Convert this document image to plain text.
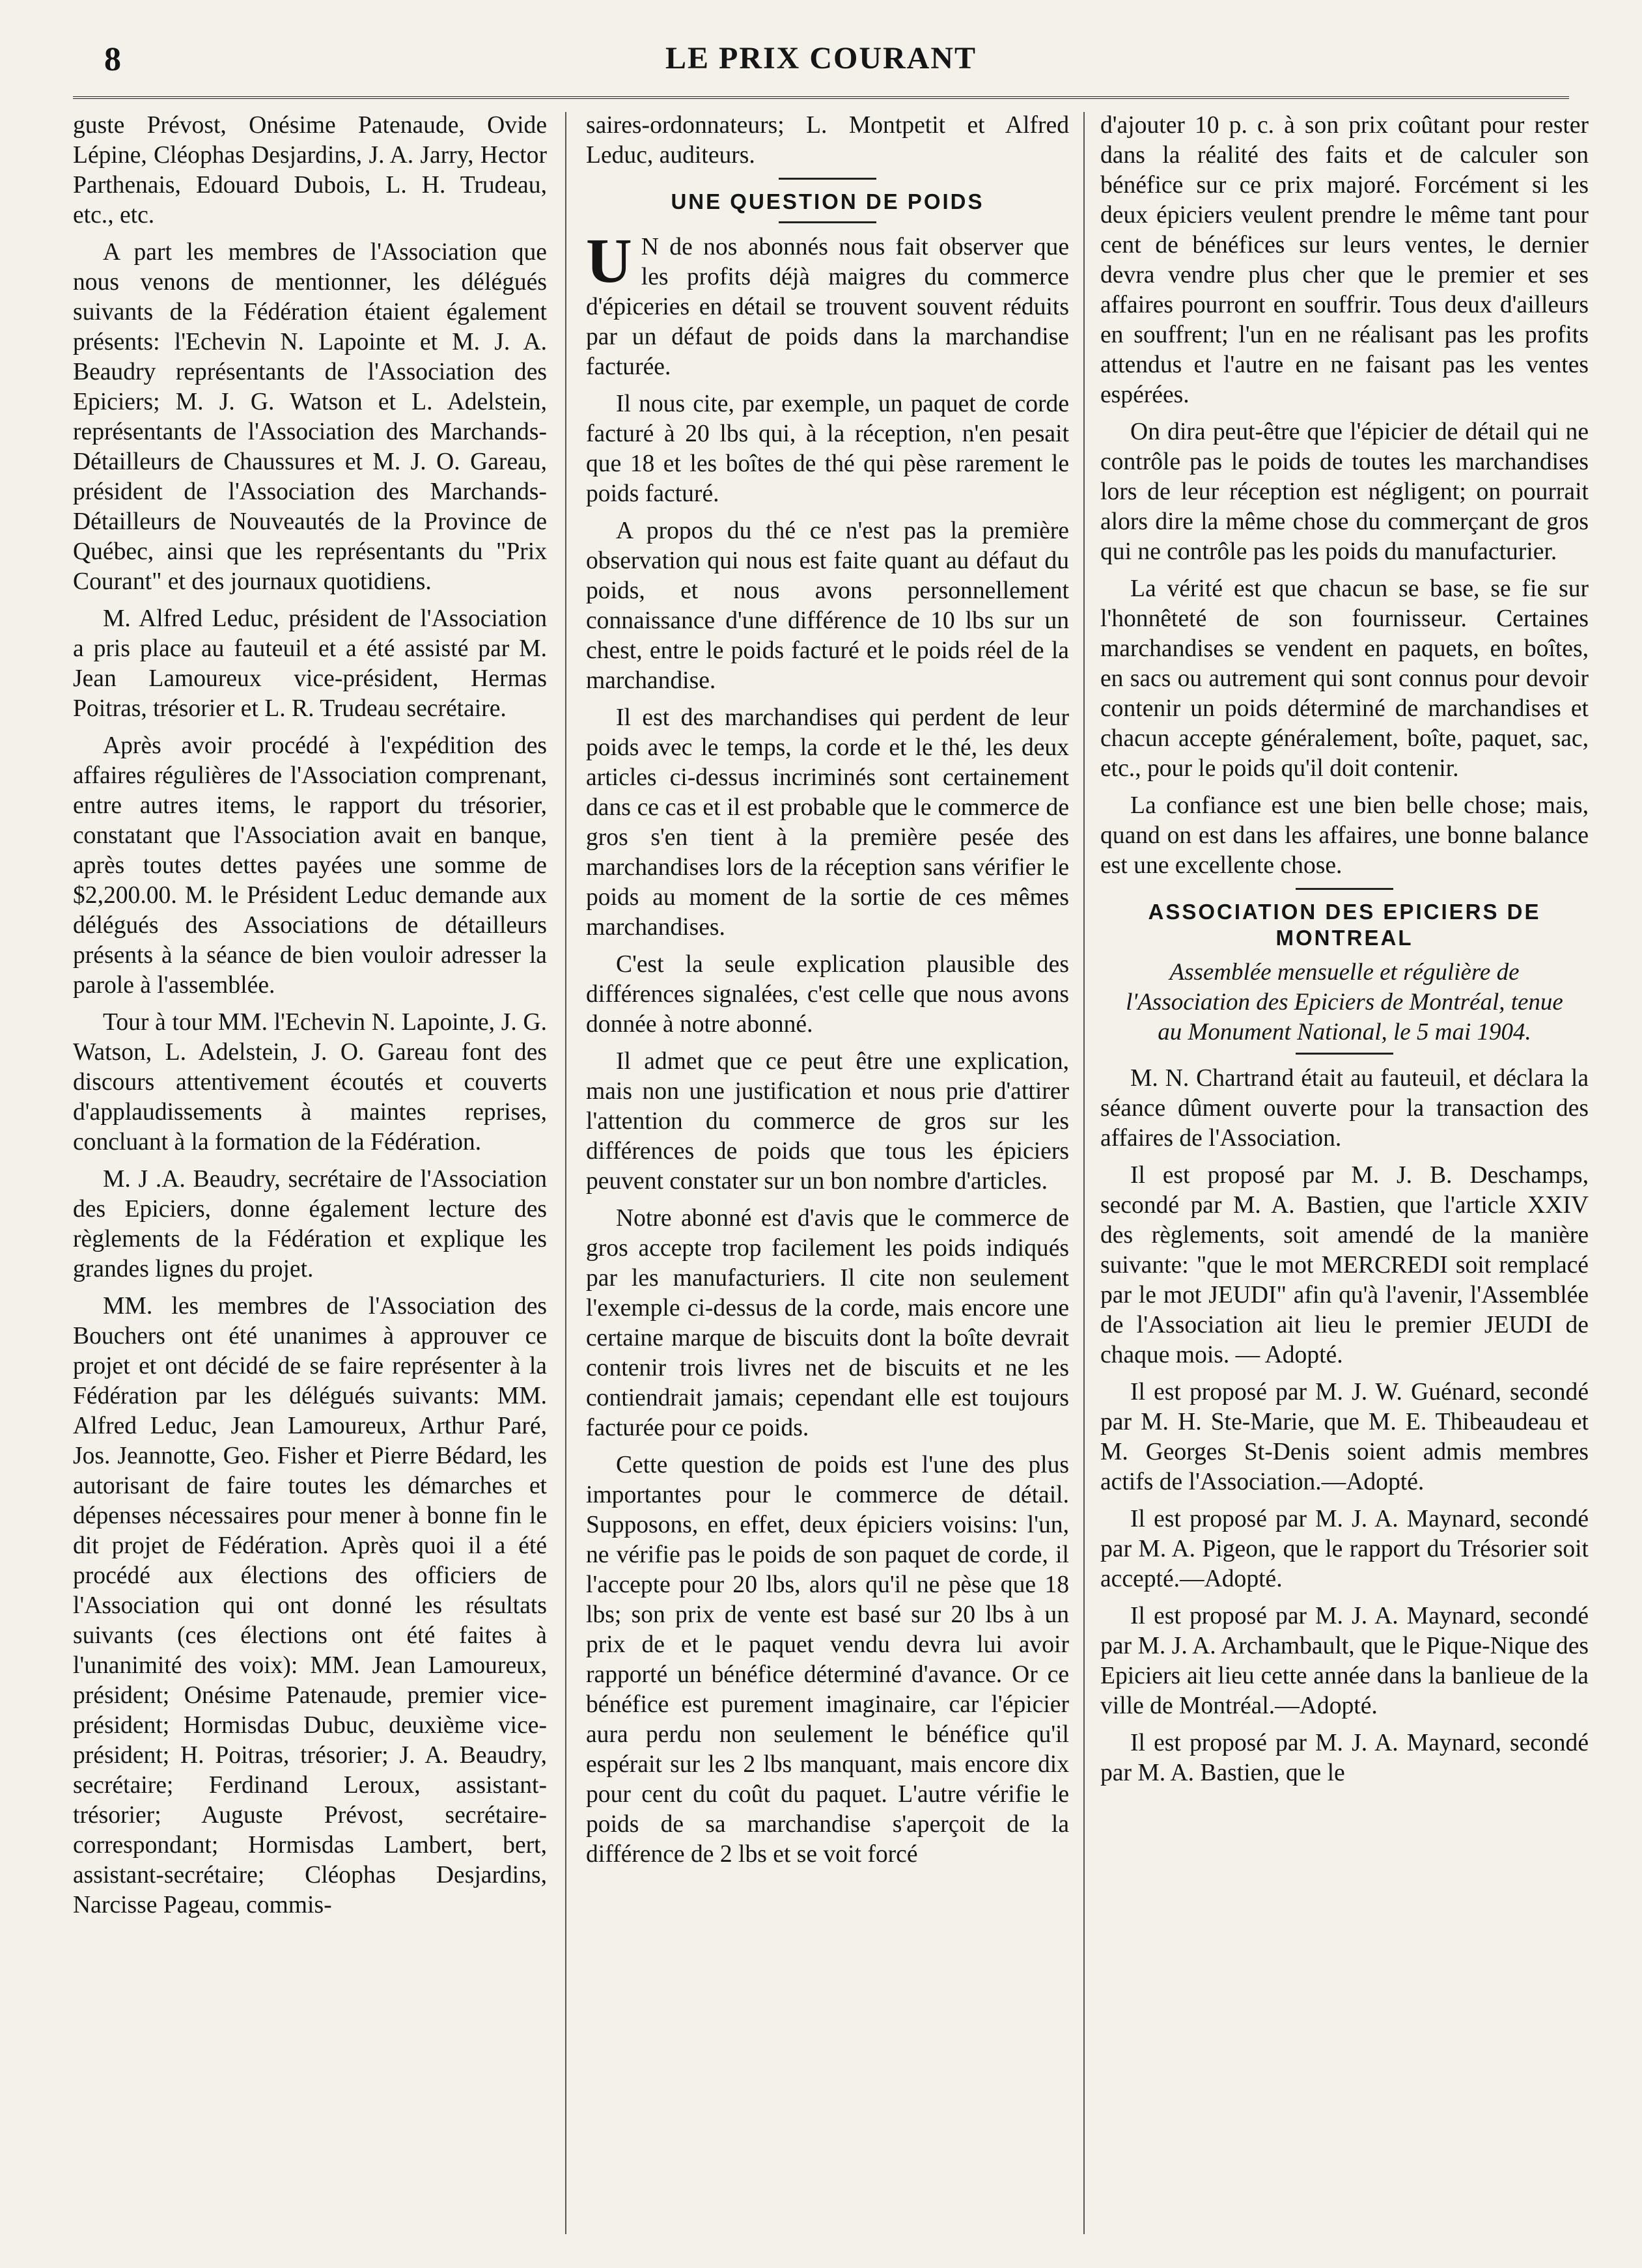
8	LE PRIX COURANT

guste Prévost, Onésime Patenaude, Ovide Lépine, Cléophas Desjardins, J. A. Jarry, Hector Parthenais, Edouard Dubois, L. H. Trudeau, etc., etc.

A part les membres de l'Association que nous venons de mentionner, les délégués suivants de la Fédération étaient également présents: l'Echevin N. Lapointe et M. J. A. Beaudry représentants de l'Association des Epiciers; M. J. G. Watson et L. Adelstein, représentants de l'Association des Marchands-Détailleurs de Chaussures et M. J. O. Gareau, président de l'Association des Marchands-Détailleurs de Nouveautés de la Province de Québec, ainsi que les représentants du "Prix Courant" et des journaux quotidiens.

M. Alfred Leduc, président de l'Association a pris place au fauteuil et a été assisté par M. Jean Lamoureux vice-président, Hermas Poitras, trésorier et L. R. Trudeau secrétaire.

Après avoir procédé à l'expédition des affaires régulières de l'Association comprenant, entre autres items, le rapport du trésorier, constatant que l'Association avait en banque, après toutes dettes payées une somme de $2,200.00. M. le Président Leduc demande aux délégués des Associations de détailleurs présents à la séance de bien vouloir adresser la parole à l'assemblée.

Tour à tour MM. l'Echevin N. Lapointe, J. G. Watson, L. Adelstein, J. O. Gareau font des discours attentivement écoutés et couverts d'applaudissements à maintes reprises, concluant à la formation de la Fédération.

M. J .A. Beaudry, secrétaire de l'Association des Epiciers, donne également lecture des règlements de la Fédération et explique les grandes lignes du projet.

MM. les membres de l'Association des Bouchers ont été unanimes à approuver ce projet et ont décidé de se faire représenter à la Fédération par les délégués suivants: MM. Alfred Leduc, Jean Lamoureux, Arthur Paré, Jos. Jeannotte, Geo. Fisher et Pierre Bédard, les autorisant de faire toutes les démarches et dépenses nécessaires pour mener à bonne fin le dit projet de Fédération. Après quoi il a été procédé aux élections des officiers de l'Association qui ont donné les résultats suivants (ces élections ont été faites à l'unanimité des voix): MM. Jean Lamoureux, président; Onésime Patenaude, premier vice-président; Hormisdas Dubuc, deuxième vice-président; H. Poitras, trésorier; J. A. Beaudry, secrétaire; Ferdinand Leroux, assistant-trésorier; Auguste Prévost, secrétaire-correspondant; Hormisdas Lambert, bert, assistant-secrétaire; Cléophas Desjardins, Narcisse Pageau, commis-

saires-ordonnateurs; L. Montpetit et Alfred Leduc, auditeurs.

UNE QUESTION DE POIDS

U N de nos abonnés nous fait observer que les profits déjà maigres du commerce d'épiceries en détail se trouvent souvent réduits par un défaut de poids dans la marchandise facturée.

Il nous cite, par exemple, un paquet de corde facturé à 20 lbs qui, à la réception, n'en pesait que 18 et les boîtes de thé qui pèse rarement le poids facturé.

A propos du thé ce n'est pas la première observation qui nous est faite quant au défaut du poids, et nous avons personnellement connaissance d'une différence de 10 lbs sur un chest, entre le poids facturé et le poids réel de la marchandise.

Il est des marchandises qui perdent de leur poids avec le temps, la corde et le thé, les deux articles ci-dessus incriminés sont certainement dans ce cas et il est probable que le commerce de gros s'en tient à la première pesée des marchandises lors de la réception sans vérifier le poids au moment de la sortie de ces mêmes marchandises.

C'est la seule explication plausible des différences signalées, c'est celle que nous avons donnée à notre abonné.

Il admet que ce peut être une explication, mais non une justification et nous prie d'attirer l'attention du commerce de gros sur les différences de poids que tous les épiciers peuvent constater sur un bon nombre d'articles.

Notre abonné est d'avis que le commerce de gros accepte trop facilement les poids indiqués par les manufacturiers. Il cite non seulement l'exemple ci-dessus de la corde, mais encore une certaine marque de biscuits dont la boîte devrait contenir trois livres net de biscuits et ne les contiendrait jamais; cependant elle est toujours facturée pour ce poids.

Cette question de poids est l'une des plus importantes pour le commerce de détail. Supposons, en effet, deux épiciers voisins: l'un, ne vérifie pas le poids de son paquet de corde, il l'accepte pour 20 lbs, alors qu'il ne pèse que 18 lbs; son prix de vente est basé sur 20 lbs à un prix de et le paquet vendu devra lui avoir rapporté un bénéfice déterminé d'avance. Or ce bénéfice est purement imaginaire, car l'épicier aura perdu non seulement le bénéfice qu'il espérait sur les 2 lbs manquant, mais encore dix pour cent du coût du paquet. L'autre vérifie le poids de sa marchandise s'aperçoit de la différence de 2 lbs et se voit forcé

d'ajouter 10 p. c. à son prix coûtant pour rester dans la réalité des faits et de calculer son bénéfice sur ce prix majoré. Forcément si les deux épiciers veulent prendre le même tant pour cent de bénéfices sur leurs ventes, le dernier devra vendre plus cher que le premier et ses affaires pourront en souffrir. Tous deux d'ailleurs en souffrent; l'un en ne réalisant pas les profits attendus et l'autre en ne faisant pas les ventes espérées.

On dira peut-être que l'épicier de détail qui ne contrôle pas le poids de toutes les marchandises lors de leur réception est négligent; on pourrait alors dire la même chose du commerçant de gros qui ne contrôle pas les poids du manufacturier.

La vérité est que chacun se base, se fie sur l'honnêteté de son fournisseur. Certaines marchandises se vendent en paquets, en boîtes, en sacs ou autrement qui sont connus pour devoir contenir un poids déterminé de marchandises et chacun accepte généralement, boîte, paquet, sac, etc., pour le poids qu'il doit contenir.

La confiance est une bien belle chose; mais, quand on est dans les affaires, une bonne balance est une excellente chose.

ASSOCIATION DES EPICIERS DE MONTREAL
Assemblée mensuelle et régulière de l'Association des Epiciers de Montréal, tenue au Monument National, le 5 mai 1904.

M. N. Chartrand était au fauteuil, et déclara la séance dûment ouverte pour la transaction des affaires de l'Association.

Il est proposé par M. J. B. Deschamps, secondé par M. A. Bastien, que l'article XXIV des règlements, soit amendé de la manière suivante: "que le mot MERCREDI soit remplacé par le mot JEUDI" afin qu'à l'avenir, l'Assemblée de l'Association ait lieu le premier JEUDI de chaque mois. — Adopté.

Il est proposé par M. J. W. Guénard, secondé par M. H. Ste-Marie, que M. E. Thibeaudeau et M. Georges St-Denis soient admis membres actifs de l'Association.—Adopté.

Il est proposé par M. J. A. Maynard, secondé par M. A. Pigeon, que le rapport du Trésorier soit accepté.—Adopté.

Il est proposé par M. J. A. Maynard, secondé par M. J. A. Archambault, que le Pique-Nique des Epiciers ait lieu cette année dans la banlieue de la ville de Montréal.—Adopté.

Il est proposé par M. J. A. Maynard, secondé par M. A. Bastien, que le
